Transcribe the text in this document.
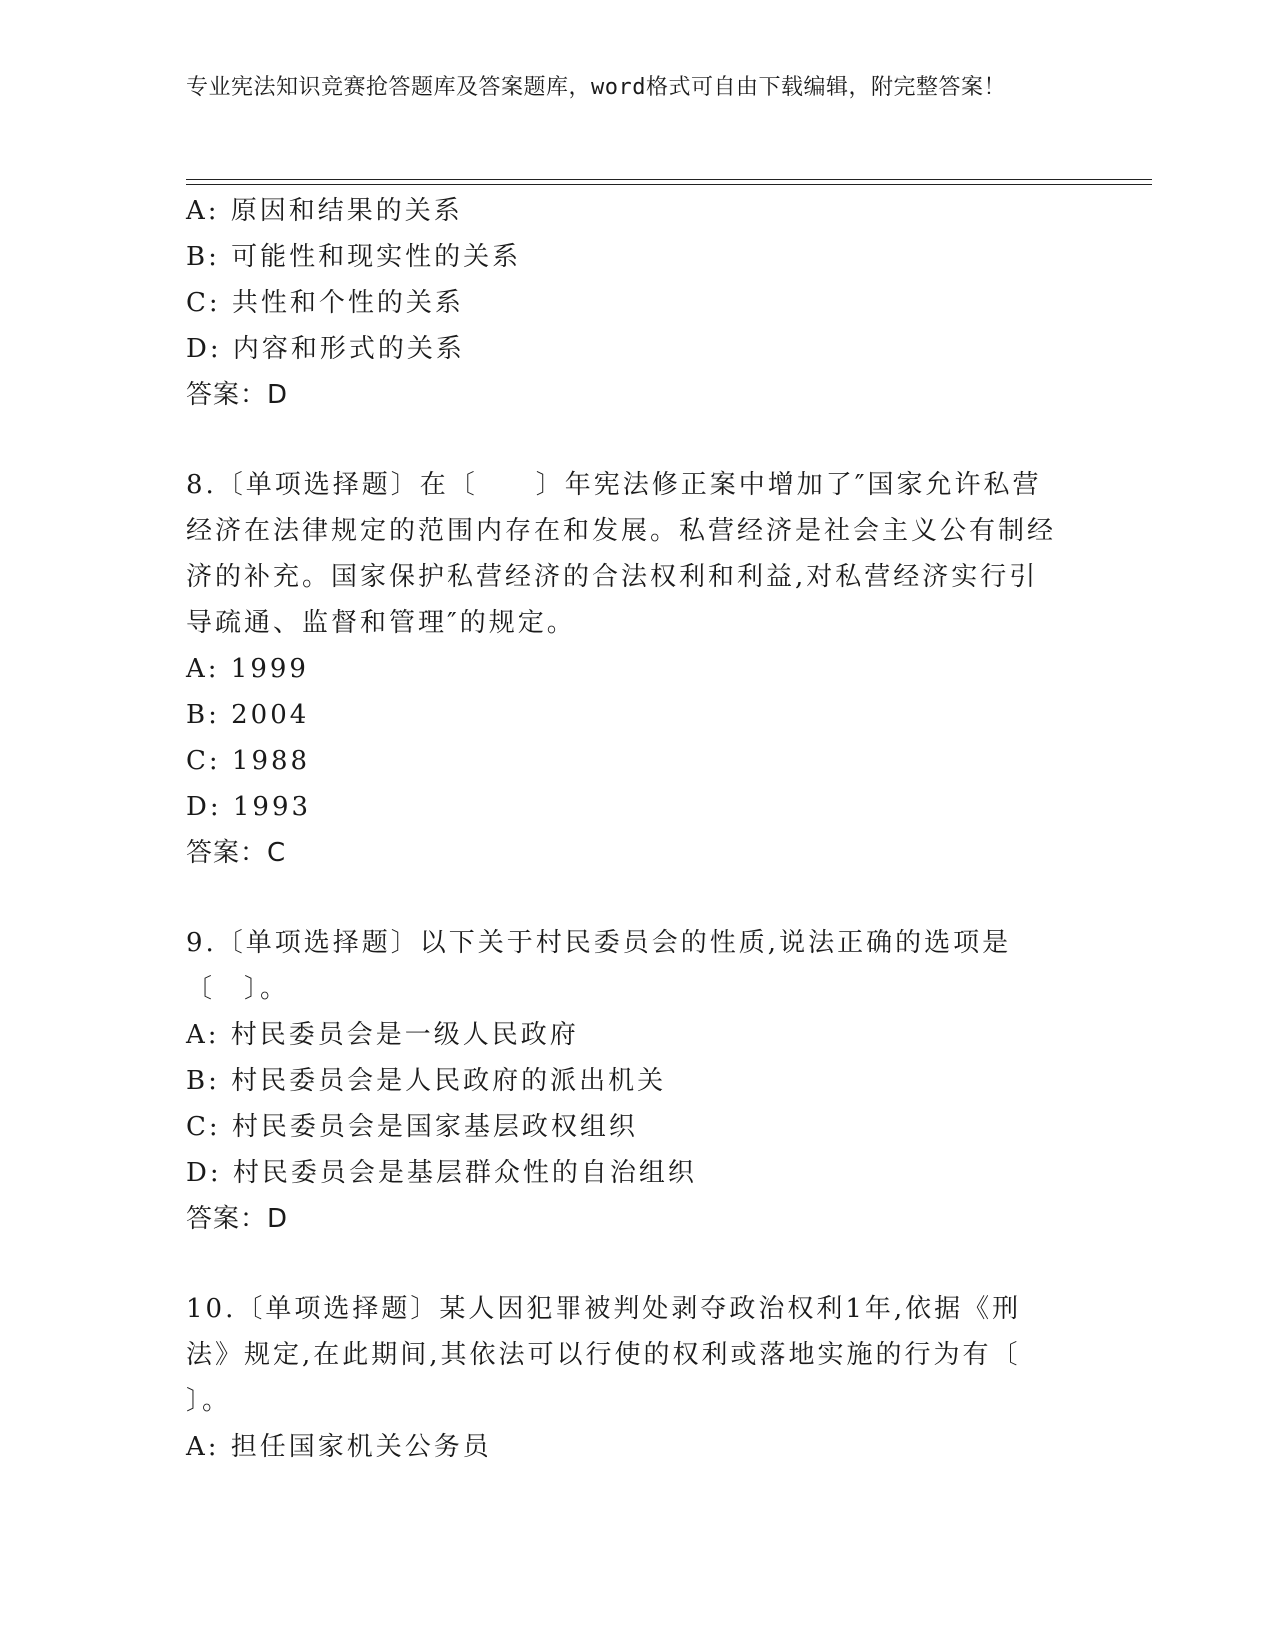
专业宪法知识竞赛抢答题库及答案题库，word格式可自由下载编辑，附完整答案！
A: 原因和结果的关系
B: 可能性和现实性的关系
C: 共性和个性的关系
D: 内容和形式的关系
答案：D
8.〔单项选择题〕在〔　　〕年宪法修正案中增加了″国家允许私营经济在法律规定的范围内存在和发展。私营经济是社会主义公有制经济的补充。国家保护私营经济的合法权利和利益,对私营经济实行引导疏通、监督和管理″的规定。
A: 1999
B: 2004
C: 1988
D: 1993
答案：C
9.〔单项选择题〕以下关于村民委员会的性质,说法正确的选项是〔　〕。
A: 村民委员会是一级人民政府
B: 村民委员会是人民政府的派出机关
C: 村民委员会是国家基层政权组织
D: 村民委员会是基层群众性的自治组织
答案：D
10.〔单项选择题〕某人因犯罪被判处剥夺政治权利1年,依据《刑法》规定,在此期间,其依法可以行使的权利或落地实施的行为有〔　　〕。
A: 担任国家机关公务员
